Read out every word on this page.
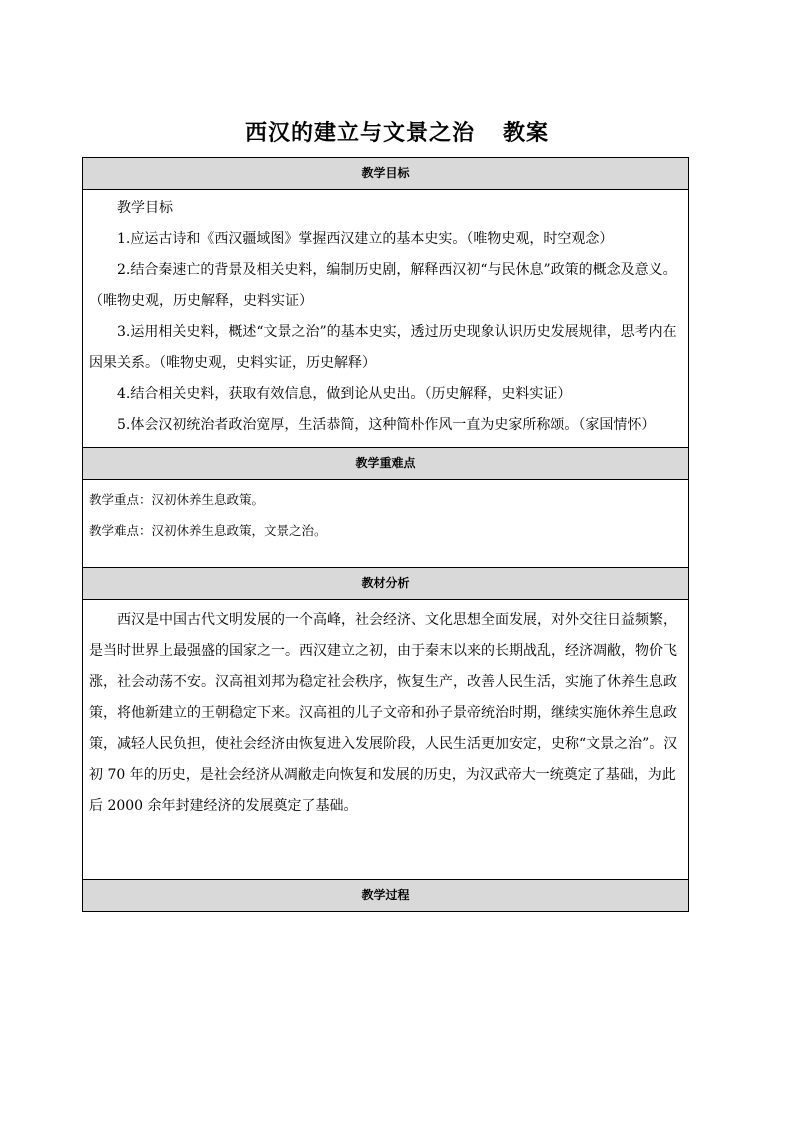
西汉的建立与文景之治 教案
教学目标

教学目标

1.应运古诗和《西汉疆域图》掌握西汉建立的基本史实。（唯物史观，时空观念）

2.结合秦速亡的背景及相关史料，编制历史剧，解释西汉初“与民休息”政策的概念及意义。（唯物史观，历史解释，史料实证）

3.运用相关史料，概述“文景之治”的基本史实，透过历史现象认识历史发展规律，思考内在因果关系。（唯物史观，史料实证，历史解释）

4.结合相关史料，获取有效信息，做到论从史出。（历史解释，史料实证）

5.体会汉初统治者政治宽厚，生活恭简，这种简朴作风一直为史家所称颂。（家国情怀）

教学重难点

教学重点：汉初休养生息政策。

教学难点：汉初休养生息政策，文景之治。

教材分析

西汉是中国古代文明发展的一个高峰，社会经济、文化思想全面发展，对外交往日益频繁，是当时世界上最强盛的国家之一。西汉建立之初，由于秦末以来的长期战乱，经济凋敝，物价飞涨，社会动荡不安。汉高祖刘邦为稳定社会秩序，恢复生产，改善人民生活，实施了休养生息政策，将他新建立的王朝稳定下来。汉高祖的儿子文帝和孙子景帝统治时期，继续实施休养生息政策，减轻人民负担，使社会经济由恢复进入发展阶段，人民生活更加安定，史称“文景之治”。汉初 70 年的历史，是社会经济从凋敝走向恢复和发展的历史，为汉武帝大一统奠定了基础，为此后 2000 余年封建经济的发展奠定了基础。

教学过程
